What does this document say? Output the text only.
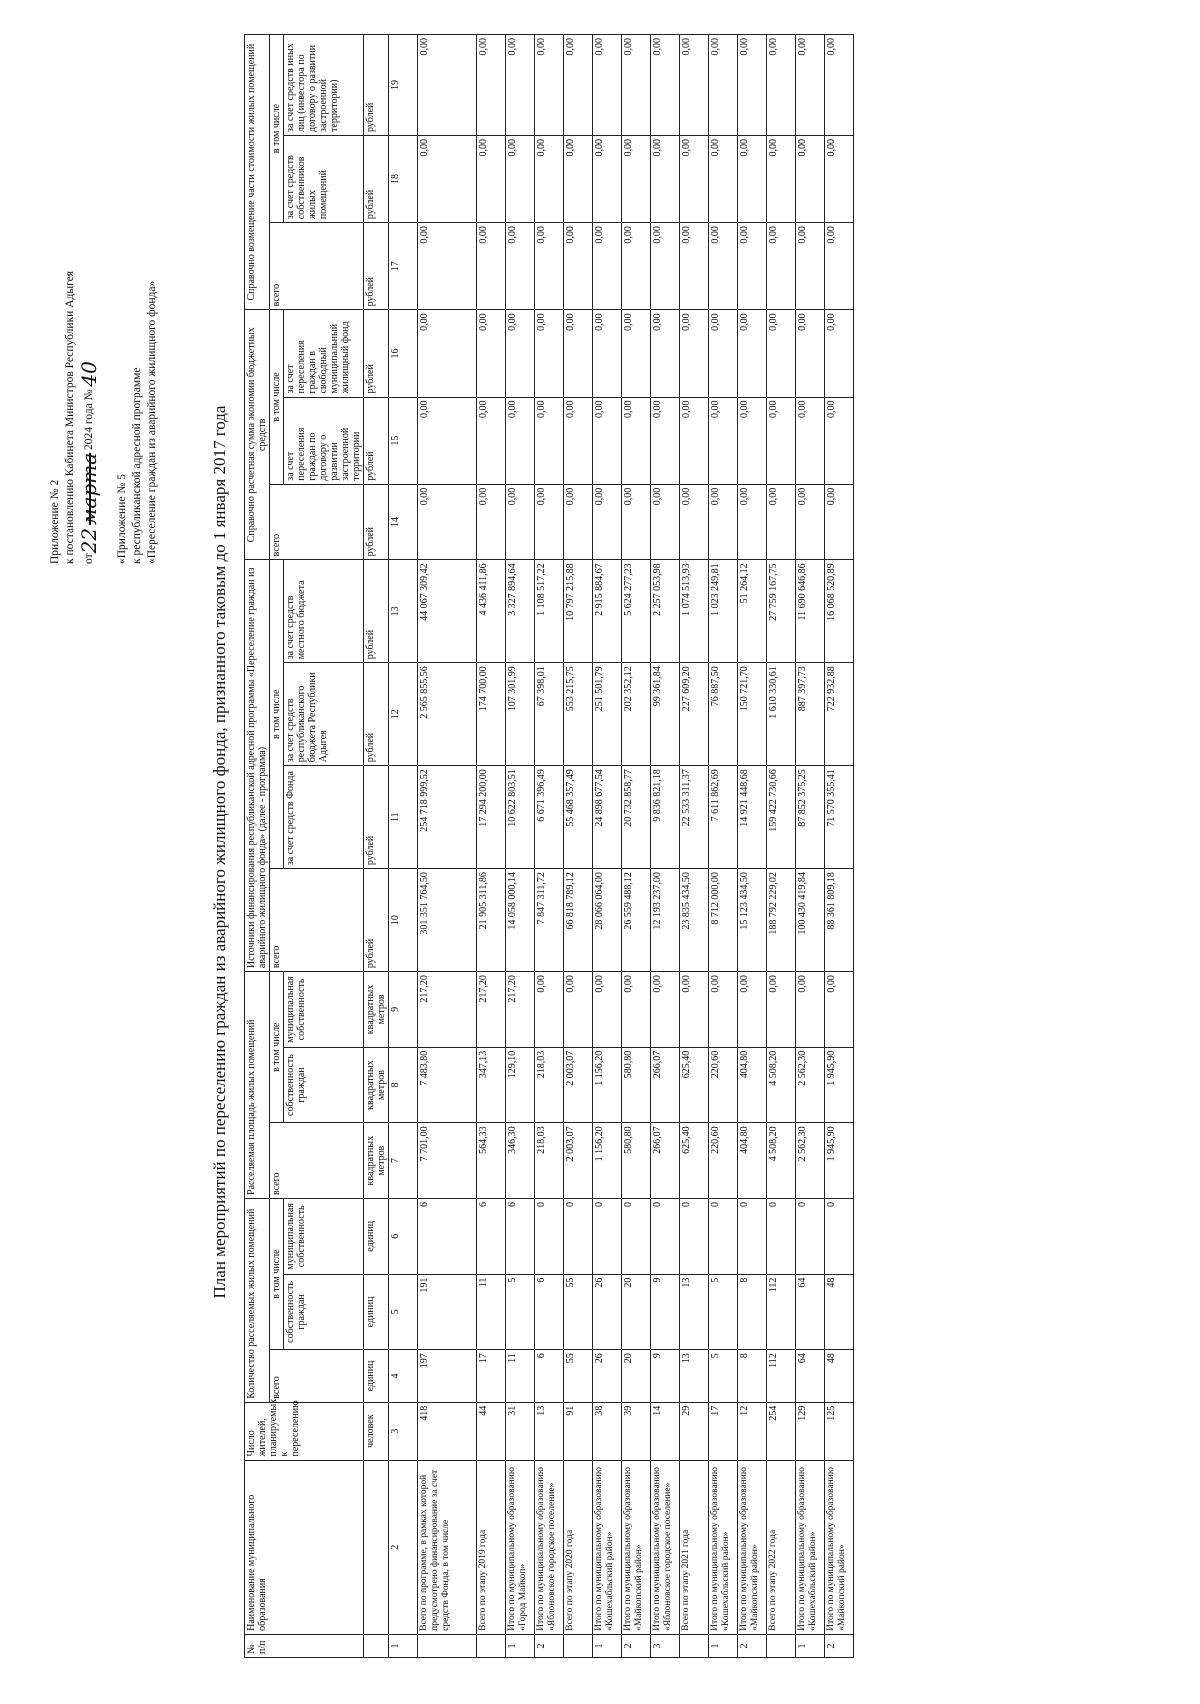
Приложение № 2 к постановлению Кабинета Министров Республики Адыгея от22 марта 2024 года № 40
«Приложение № 5 к республиканской адресной программе «Переселение граждан из аварийного жилищного фонда»	План мероприятий по переселению граждан из аварийного жилищного фонда, признанного таковым до 1 января 2017 года
№ п/п	Наименование муниципального образования	Число жителей, планируемых к переселению	Количество расселяемых жилых помещений			Расселяемая площадь жилых помещений			Источники финансирования республиканской адресной программы «Переселение граждан из аварийного жилищного фонда» (далее - программа)				Справочно расчетная сумма экономии бюджетных средств			Справочно возмещение части стоимости жилых помещений		
			всего	в том числе		всего	в том числе		всего	в том числе			всего	в том числе		всего	в том числе	
				собственность граждан	муниципальная собственность		собственность граждан	муниципальная собственность		за счет средств Фонда	за счет средств республиканского бюджета Республики Адыгея	за счет средств местного бюджета		за счет переселения граждан по договору о развитии застроенной территории	за счет переселения граждан в свободный муниципальный жилищный фонд		за счет средств собственников жилых помещений	за счет средств иных лиц (инвестора по договору о развитии застроенной территории)
		человек	единиц	единиц	единиц	квадратных метров	квадратных метров	квадратных метров	рублей	рублей	рублей	рублей	рублей	рублей	рублей	рублей	рублей	рублей
1	2	3	4	5	6	7	8	9	10	11	12	13	14	15	16	17	18	19
	Всего по программе, в рамках которой предусмотрено финансирование за счет средств Фонда, в том числе	418	197	191	6	7 701,00	7 483,80	217,20	301 351 764,50	254 718 999,52	2 565 855,56	44 067 309,42	0,00	0,00	0,00	0,00	0,00	0,00
	Всего по этапу 2019 года	44	17	11	6	564,33	347,13	217,20	21 905 311,86	17 294 200,00	174 700,00	4 436 411,86	0,00	0,00	0,00	0,00	0,00	0,00
1	Итого по муниципальному образованию «Город Майкоп»	31	11	5	6	346,30	129,10	217,20	14 058 000,14	10 622 803,51	107 301,99	3 327 894,64	0,00	0,00	0,00	0,00	0,00	0,00
2	Итого по муниципальному образованию «Яблоновское городское поселение»	13	6	6	0	218,03	218,03	0,00	7 847 311,72	6 671 396,49	67 398,01	1 108 517,22	0,00	0,00	0,00	0,00	0,00	0,00
	Всего по этапу 2020 года	91	55	55	0	2 003,07	2 003,07	0,00	66 818 789,12	55 468 357,49	553 215,75	10 797 215,88	0,00	0,00	0,00	0,00	0,00	0,00
1	Итого по муниципальному образованию «Кошехабльский район»	38	26	26	0	1 156,20	1 156,20	0,00	28 066 064,00	24 898 677,54	251 501,79	2 915 884,67	0,00	0,00	0,00	0,00	0,00	0,00
2	Итого по муниципальному образованию «Майкопский район»	39	20	20	0	580,80	580,80	0,00	26 559 488,12	20 732 858,77	202 352,12	5 624 277,23	0,00	0,00	0,00	0,00	0,00	0,00
3	Итого по муниципальному образованию «Яблоновское городское поселение»	14	9	9	0	266,07	266,07	0,00	12 193 237,00	9 836 821,18	99 361,84	2 257 053,98	0,00	0,00	0,00	0,00	0,00	0,00
	Всего по этапу 2021 года	29	13	13	0	625,40	625,40	0,00	23 835 434,50	22 533 311,37	227 609,20	1 074 513,93	0,00	0,00	0,00	0,00	0,00	0,00
1	Итого по муниципальному образованию «Кошехабльский район»	17	5	5	0	220,60	220,60	0,00	8 712 000,00	7 611 862,69	76 887,50	1 023 249,81	0,00	0,00	0,00	0,00	0,00	0,00
2	Итого по муниципальному образованию «Майкопский район»	12	8	8	0	404,80	404,80	0,00	15 123 434,50	14 921 448,68	150 721,70	51 264,12	0,00	0,00	0,00	0,00	0,00	0,00
	Всего по этапу 2022 года	254	112	112	0	4 508,20	4 508,20	0,00	188 792 229,02	159 422 730,66	1 610 330,61	27 759 167,75	0,00	0,00	0,00	0,00	0,00	0,00
1	Итого по муниципальному образованию «Кошехабльский район»	129	64	64	0	2 562,30	2 562,30	0,00	100 430 419,84	87 852 375,25	887 397,73	11 690 646,86	0,00	0,00	0,00	0,00	0,00	0,00
2	Итого по муниципальному образованию «Майкопский район»	125	48	48	0	1 945,90	1 945,90	0,00	88 361 809,18	71 570 355,41	722 932,88	16 068 520,89	0,00	0,00	0,00	0,00	0,00	0,00
